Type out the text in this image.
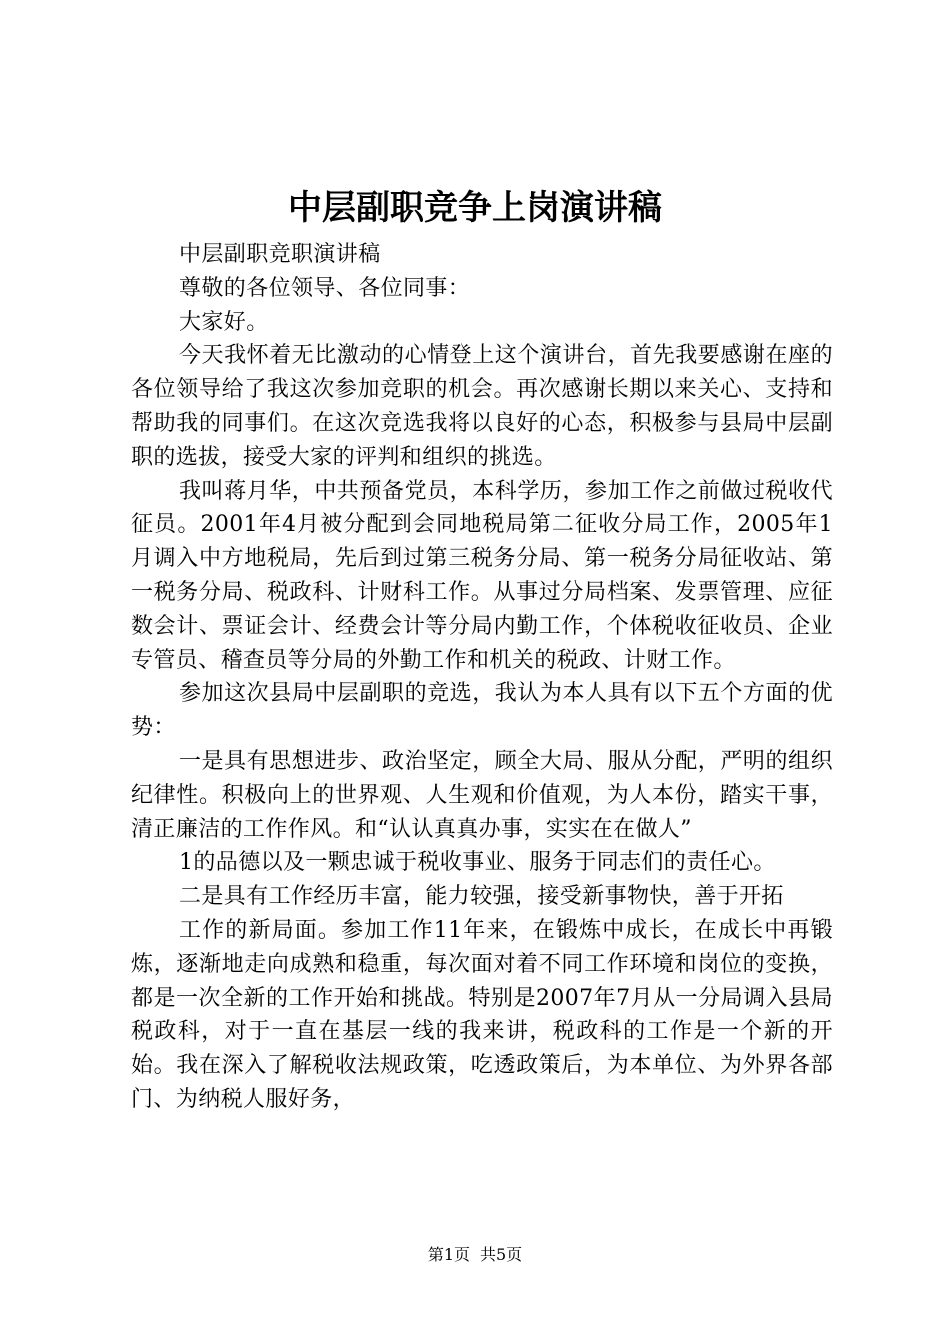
中层副职竞争上岗演讲稿

中层副职竞职演讲稿

尊敬的各位领导、各位同事：

大家好。

今天我怀着无比激动的心情登上这个演讲台，首先我要感谢在座的各位领导给了我这次参加竞职的机会。再次感谢长期以来关心、支持和帮助我的同事们。在这次竞选我将以良好的心态，积极参与县局中层副职的选拔，接受大家的评判和组织的挑选。

我叫蒋月华，中共预备党员，本科学历，参加工作之前做过税收代征员。2001年4月被分配到会同地税局第二征收分局工作，2005年1月调入中方地税局，先后到过第三税务分局、第一税务分局征收站、第一税务分局、税政科、计财科工作。从事过分局档案、发票管理、应征数会计、票证会计、经费会计等分局内勤工作，个体税收征收员、企业专管员、稽查员等分局的外勤工作和机关的税政、计财工作。

参加这次县局中层副职的竞选，我认为本人具有以下五个方面的优势：

一是具有思想进步、政治坚定，顾全大局、服从分配，严明的组织纪律性。积极向上的世界观、人生观和价值观，为人本份，踏实干事，清正廉洁的工作作风。和“认认真真办事，实实在在做人”

1的品德以及一颗忠诚于税收事业、服务于同志们的责任心。

二是具有工作经历丰富，能力较强，接受新事物快，善于开拓

工作的新局面。参加工作11年来，在锻炼中成长，在成长中再锻炼，逐渐地走向成熟和稳重，每次面对着不同工作环境和岗位的变换，都是一次全新的工作开始和挑战。特别是2007年7月从一分局调入县局税政科，对于一直在基层一线的我来讲，税政科的工作是一个新的开始。我在深入了解税收法规政策，吃透政策后，为本单位、为外界各部门、为纳税人服好务，

第1页 共5页
